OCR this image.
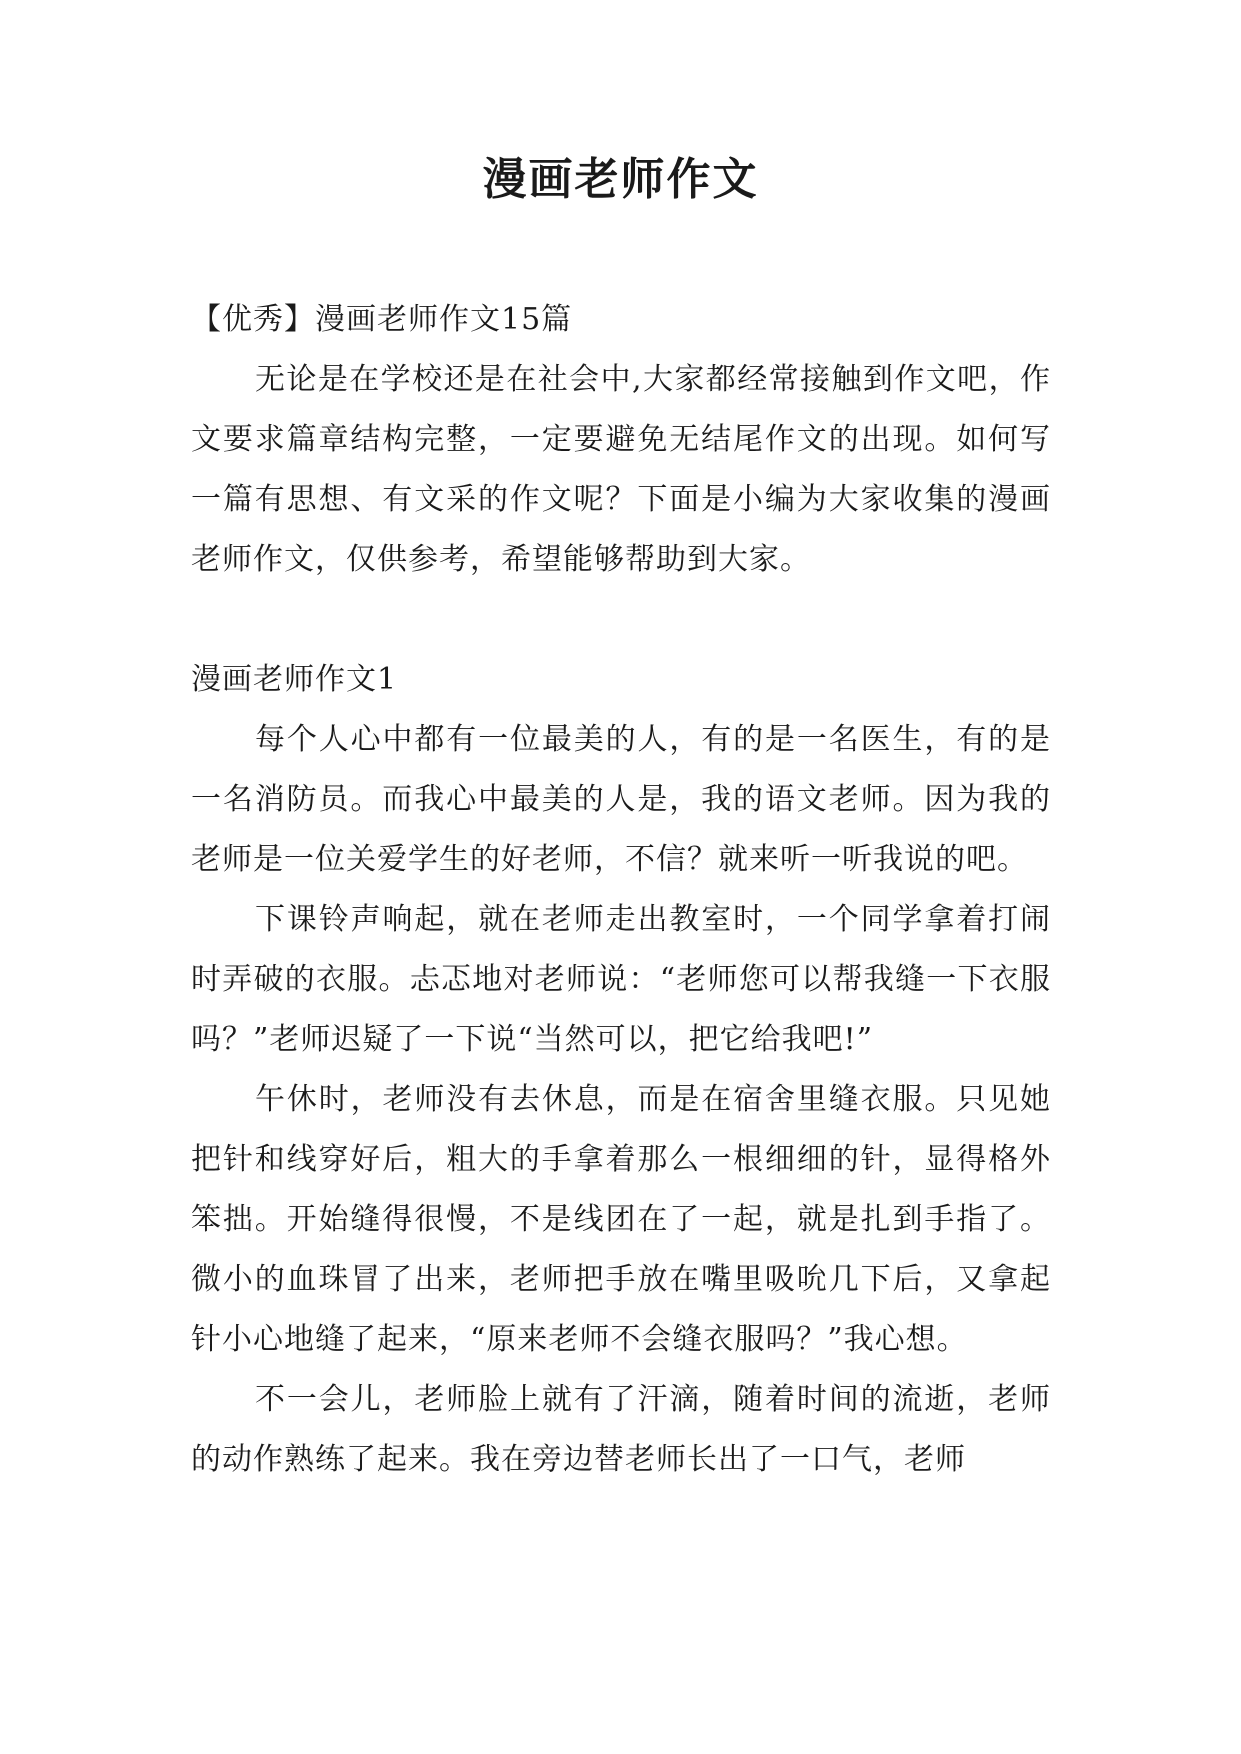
漫画老师作文

【优秀】漫画老师作文15篇

无论是在学校还是在社会中,大家都经常接触到作文吧，作文要求篇章结构完整，一定要避免无结尾作文的出现。如何写一篇有思想、有文采的作文呢？下面是小编为大家收集的漫画老师作文，仅供参考，希望能够帮助到大家。

漫画老师作文1

每个人心中都有一位最美的人，有的是一名医生，有的是一名消防员。而我心中最美的人是，我的语文老师。因为我的老师是一位关爱学生的好老师，不信？就来听一听我说的吧。

下课铃声响起，就在老师走出教室时，一个同学拿着打闹时弄破的衣服。忐忑地对老师说：“老师您可以帮我缝一下衣服吗？”老师迟疑了一下说“当然可以，把它给我吧!”

午休时，老师没有去休息，而是在宿舍里缝衣服。只见她把针和线穿好后，粗大的手拿着那么一根细细的针，显得格外笨拙。开始缝得很慢，不是线团在了一起，就是扎到手指了。微小的血珠冒了出来，老师把手放在嘴里吸吮几下后，又拿起针小心地缝了起来，“原来老师不会缝衣服吗？”我心想。

不一会儿，老师脸上就有了汗滴，随着时间的流逝，老师的动作熟练了起来。我在旁边替老师长出了一口气，老师
